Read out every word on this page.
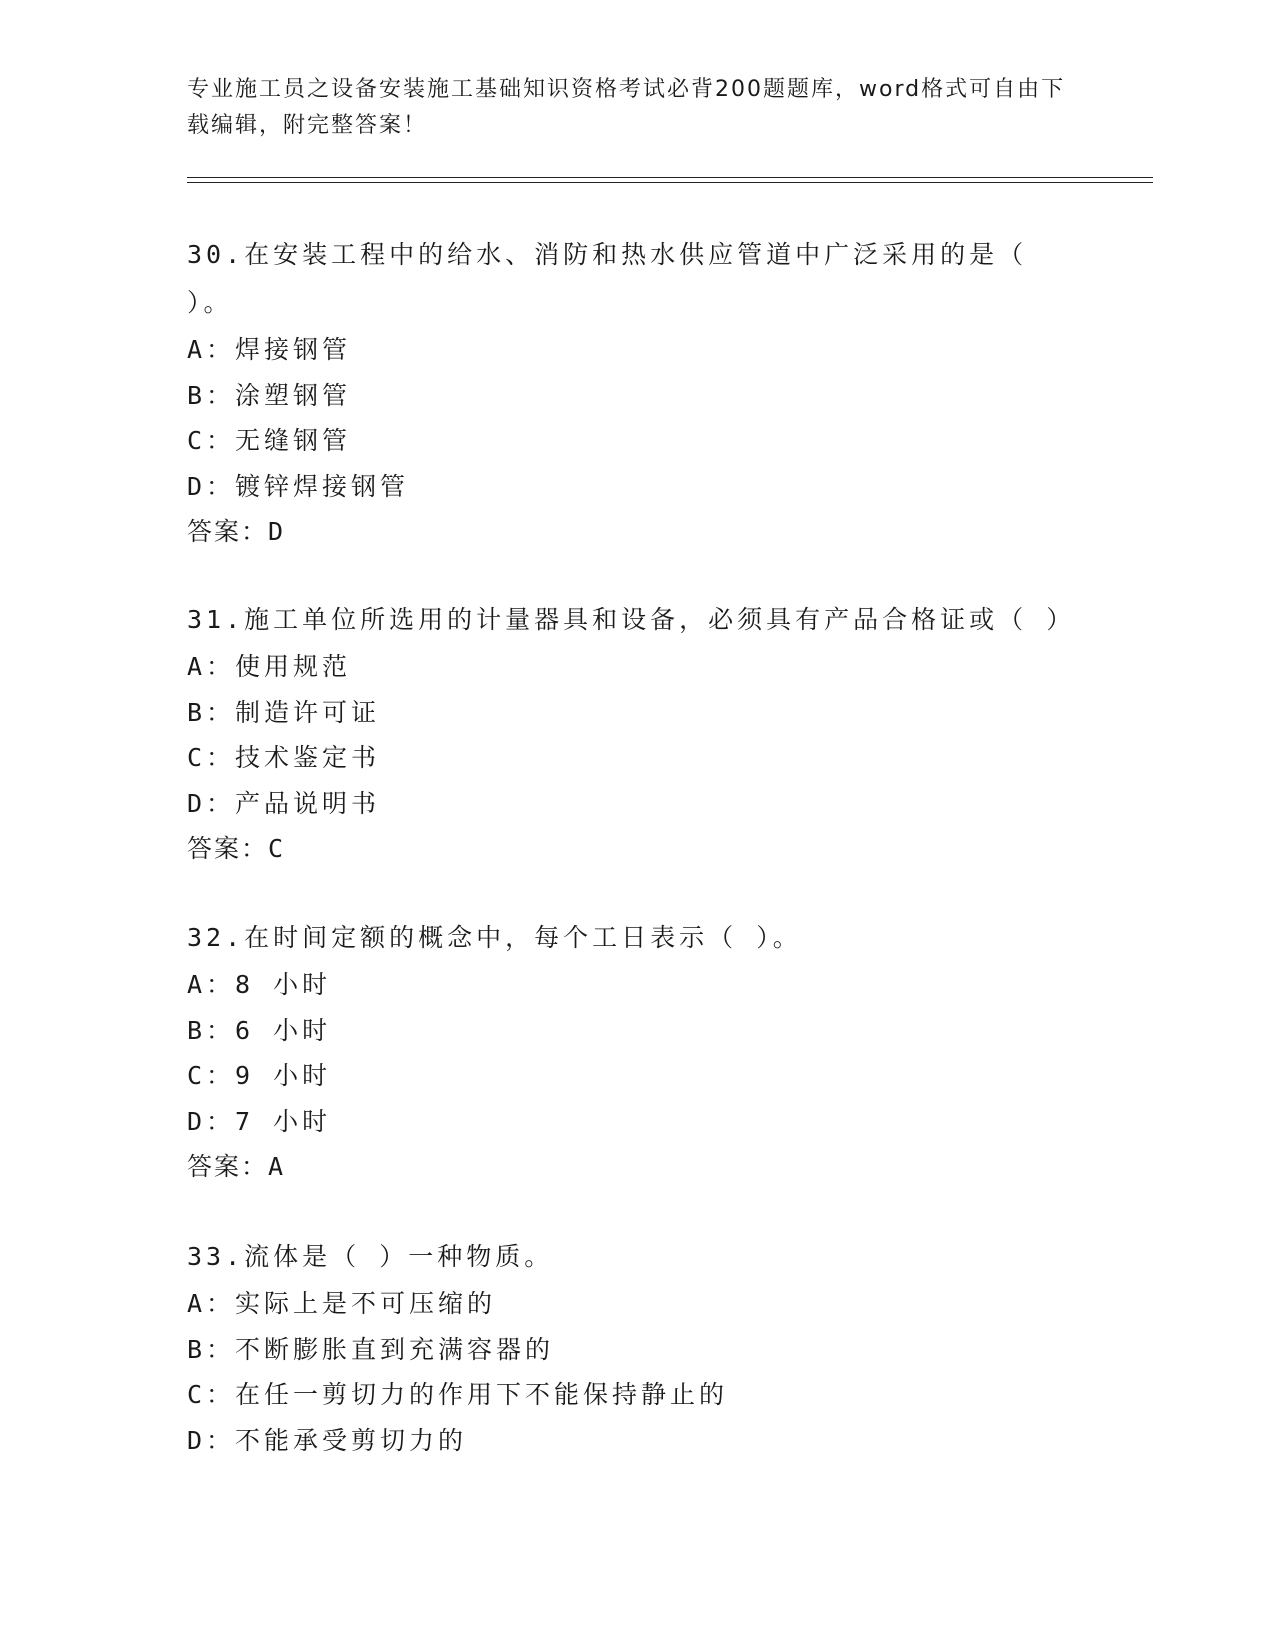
专业施工员之设备安装施工基础知识资格考试必背200题题库，word格式可自由下载编辑，附完整答案！

30.在安装工程中的给水、消防和热水供应管道中广泛采用的是（ ）。

A：焊接钢管

B：涂塑钢管

C：无缝钢管

D：镀锌焊接钢管

答案：D

31.施工单位所选用的计量器具和设备，必须具有产品合格证或（ ）

A：使用规范

B：制造许可证

C：技术鉴定书

D：产品说明书

答案：C

32.在时间定额的概念中，每个工日表示（ ）。

A：8 小时

B：6 小时

C：9 小时

D：7 小时

答案：A

33.流体是（ ）一种物质。

A：实际上是不可压缩的

B：不断膨胀直到充满容器的

C：在任一剪切力的作用下不能保持静止的

D：不能承受剪切力的
